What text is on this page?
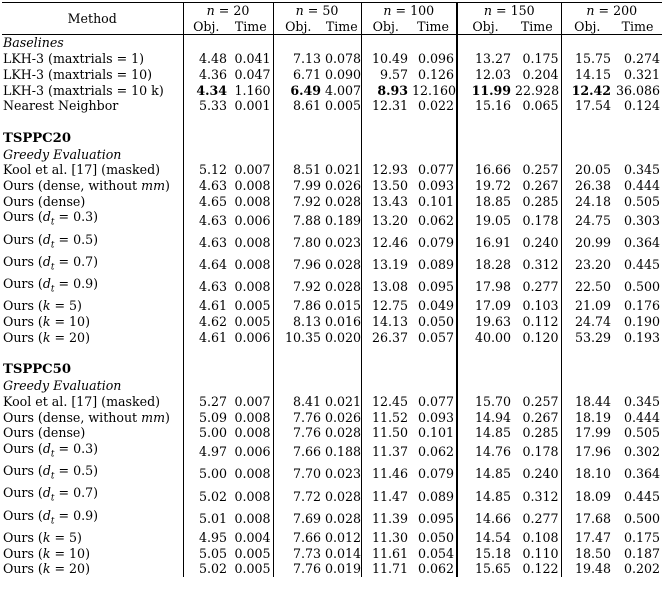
Method	n = 20		n = 50		n = 100		n = 150		n = 200	
	Obj.	Time	Obj.	Time	Obj.	Time	Obj.	Time	Obj.	Time
Baselines										
LKH-3 (maxtrials = 1)	4.48	0.041	7.13	0.078	10.49	0.096	13.27	0.175	15.75	0.274
LKH-3 (maxtrials = 10)	4.36	0.047	6.71	0.090	9.57	0.126	12.03	0.204	14.15	0.321
LKH-3 (maxtrials = 10 k)	4.34	1.160	6.49	4.007	8.93	12.160	11.99	22.928	12.42	36.086
Nearest Neighbor	5.33	0.001	8.61	0.005	12.31	0.022	15.16	0.065	17.54	0.124

TSPPC20										
Greedy Evaluation										
Kool et al. [17] (masked)	5.12	0.007	8.51	0.021	12.93	0.077	16.66	0.257	20.05	0.345
Ours (dense, without mm)	4.63	0.008	7.99	0.026	13.50	0.093	19.72	0.267	26.38	0.444
Ours (dense)	4.65	0.008	7.92	0.028	13.43	0.101	18.85	0.285	24.18	0.505
Ours $(d_t = 0.3)$	4.63	0.006	7.88	0.189	13.20	0.062	19.05	0.178	24.75	0.303
Ours $(d_t = 0.5)$	4.63	0.008	7.80	0.023	12.46	0.079	16.91	0.240	20.99	0.364
Ours $(d_t = 0.7)$	4.64	0.008	7.96	0.028	13.19	0.089	18.28	0.312	23.20	0.445
Ours $(d_t = 0.9)$	4.63	0.008	7.92	0.028	13.08	0.095	17.98	0.277	22.50	0.500
Ours (k = 5)	4.61	0.005	7.86	0.015	12.75	0.049	17.09	0.103	21.09	0.176
Ours (k = 10)	4.62	0.005	8.13	0.016	14.13	0.050	19.63	0.112	24.74	0.190
Ours (k = 20)	4.61	0.006	10.35	0.020	26.37	0.057	40.00	0.120	53.29	0.193

TSPPC50										
Greedy Evaluation										
Kool et al. [17] (masked)	5.27	0.007	8.41	0.021	12.45	0.077	15.70	0.257	18.44	0.345
Ours (dense, without mm)	5.09	0.008	7.76	0.026	11.52	0.093	14.94	0.267	18.19	0.444
Ours (dense)	5.00	0.008	7.76	0.028	11.50	0.101	14.85	0.285	17.99	0.505
Ours $(d_t = 0.3)$	4.97	0.006	7.66	0.188	11.37	0.062	14.76	0.178	17.96	0.302
Ours $(d_t = 0.5)$	5.00	0.008	7.70	0.023	11.46	0.079	14.85	0.240	18.10	0.364
Ours $(d_t = 0.7)$	5.02	0.008	7.72	0.028	11.47	0.089	14.85	0.312	18.09	0.445
Ours $(d_t = 0.9)$	5.01	0.008	7.69	0.028	11.39	0.095	14.66	0.277	17.68	0.500
Ours (k = 5)	4.95	0.004	7.66	0.012	11.30	0.050	14.54	0.108	17.47	0.175
Ours (k = 10)	5.05	0.005	7.73	0.014	11.61	0.054	15.18	0.110	18.50	0.187
Ours (k = 20)	5.02	0.005	7.76	0.019	11.71	0.062	15.65	0.122	19.48	0.202
